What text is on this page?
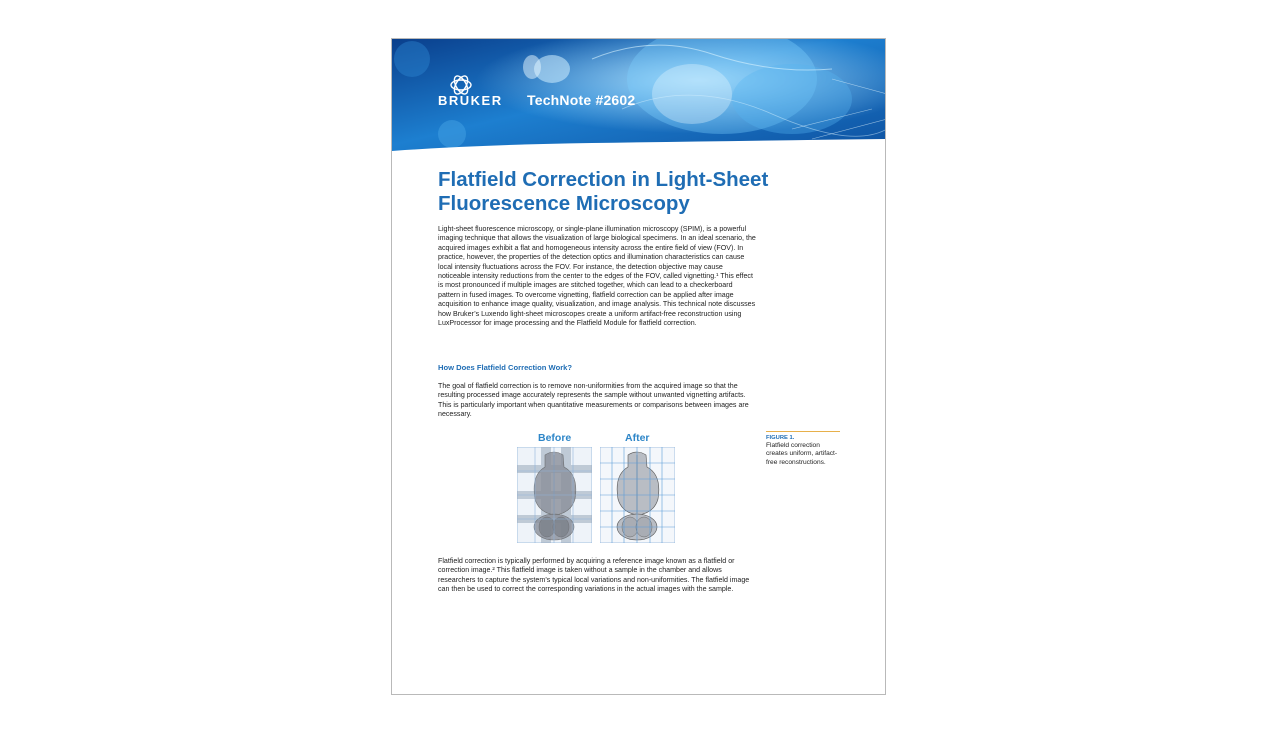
BRUKER TechNote #2602
Flatfield Correction in Light-Sheet Fluorescence Microscopy

Light-sheet fluorescence microscopy, or single-plane illumination microscopy (SPIM), is a powerful imaging technique that allows the visualization of large biological specimens. In an ideal scenario, the acquired images exhibit a flat and homogeneous intensity across the entire field of view (FOV). In practice, however, the properties of the detection optics and illumination characteristics can cause local intensity fluctuations across the FOV. For instance, the detection objective may cause noticeable intensity reductions from the center to the edges of the FOV, called vignetting.¹ This effect is most pronounced if multiple images are stitched together, which can lead to a checkerboard pattern in fused images. To overcome vignetting, flatfield correction can be applied after image acquisition to enhance image quality, visualization, and image analysis. This technical note discusses how Bruker’s Luxendo light-sheet microscopes create a uniform artifact-free reconstruction using LuxProcessor for image processing and the Flatfield Module for flatfield correction.

How Does Flatfield Correction Work?

The goal of flatfield correction is to remove non-uniformities from the acquired image so that the resulting processed image accurately represents the sample without unwanted vignetting artifacts. This is particularly important when quantitative measurements or comparisons between images are necessary.

Before	After	FIGURE 1.
Flatfield correction creates uniform, artifact-free reconstructions.

Flatfield correction is typically performed by acquiring a reference image known as a flatfield or correction image.² This flatfield image is taken without a sample in the chamber and allows researchers to capture the system’s typical local variations and non-uniformities. The flatfield image can then be used to correct the corresponding variations in the actual images with the sample.
